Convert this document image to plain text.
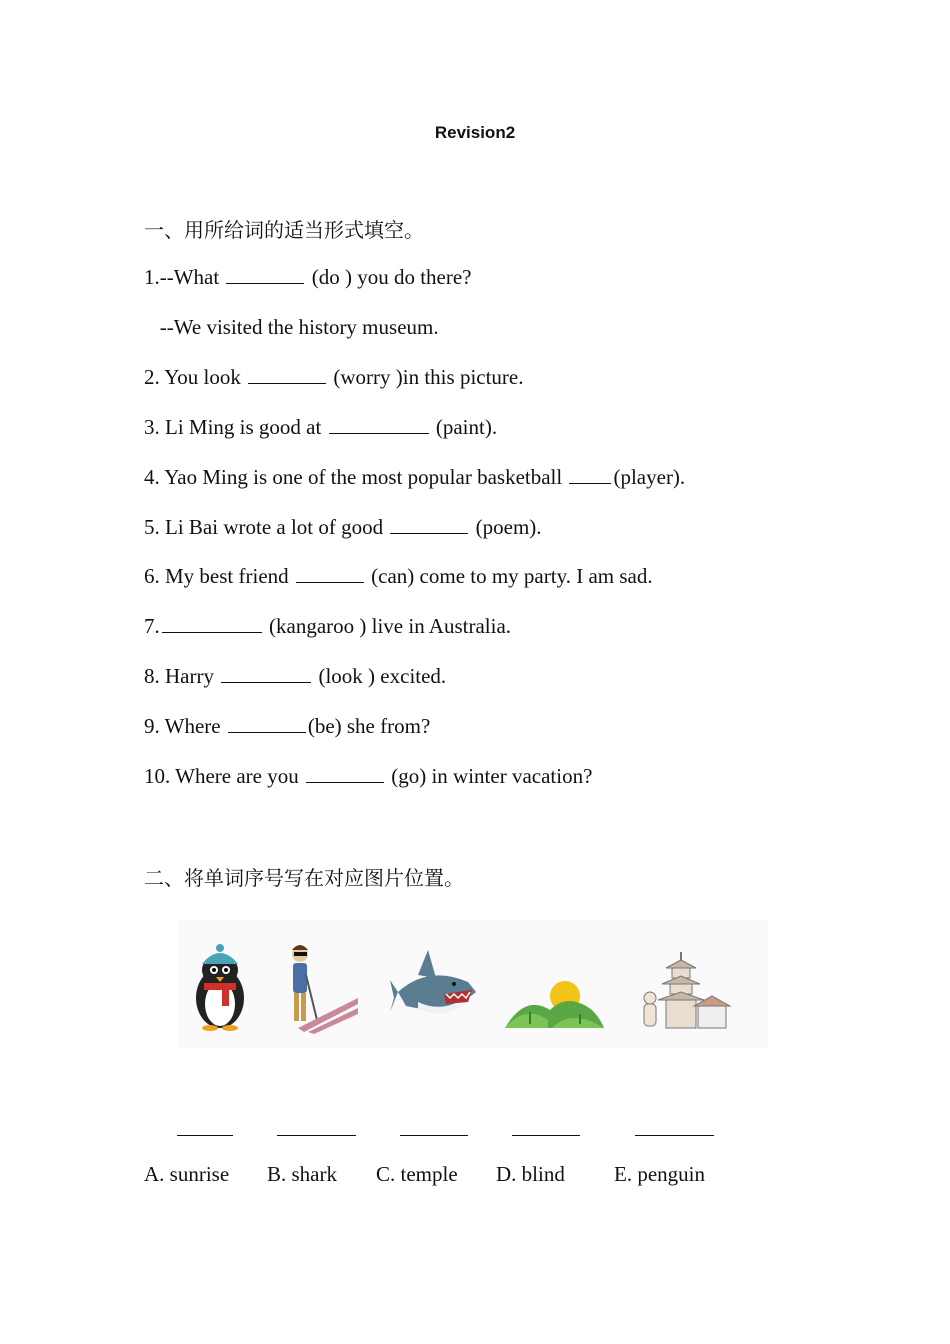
Revision2
一、用所给词的适当形式填空。
1.--What	(do ) you do there?
--We visited the history museum.
2. You look	(worry )in this picture.
3. Li Ming is good at	(paint).
4. Yao Ming is one of the most popular basketball (player).
5. Li Bai wrote a lot of good	(poem).
6. My best friend	(can) come to my party. I am sad.
7.	(kangaroo ) live in Australia.
8. Harry	(look ) excited.
9. Where	(be) she from?
10. Where are you	(go) in winter vacation?
二、将单词序号写在对应图片位置。
A. sunrise B. shark C. temple D. blind E. penguin
